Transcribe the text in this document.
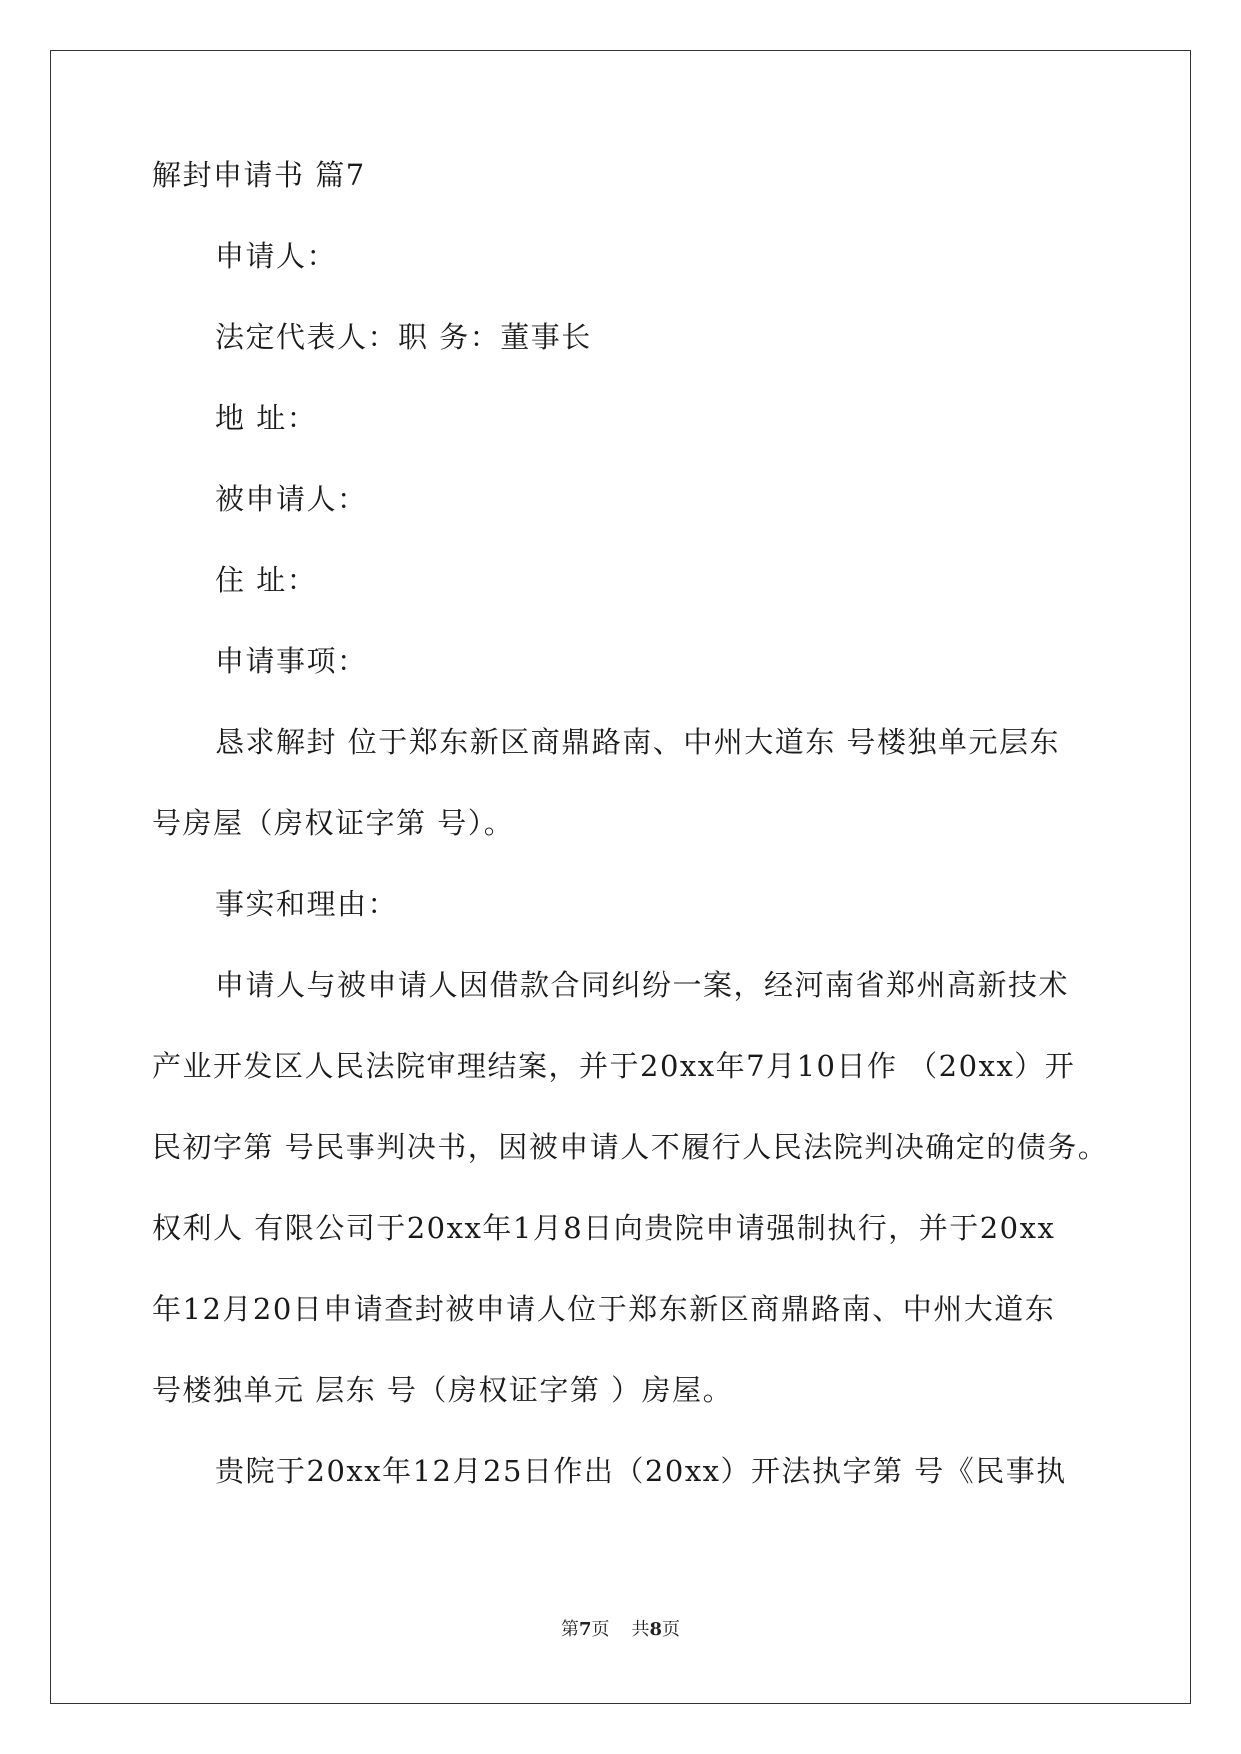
解封申请书 篇7
申请人：
法定代表人：职 务：董事长
地 址：
被申请人：
住 址：
申请事项：
恳求解封 位于郑东新区商鼎路南、中州大道东 号楼独单元层东
号房屋（房权证字第 号）。
事实和理由：
申请人与被申请人因借款合同纠纷一案，经河南省郑州高新技术
产业开发区人民法院审理结案，并于20xx年7月10日作 （20xx）开
民初字第 号民事判决书，因被申请人不履行人民法院判决确定的债务。
权利人 有限公司于20xx年1月8日向贵院申请强制执行，并于20xx
年12月20日申请查封被申请人位于郑东新区商鼎路南、中州大道东
号楼独单元 层东 号（房权证字第 ）房屋。
贵院于20xx年12月25日作出（20xx）开法执字第 号《民事执
第7页 共8页
